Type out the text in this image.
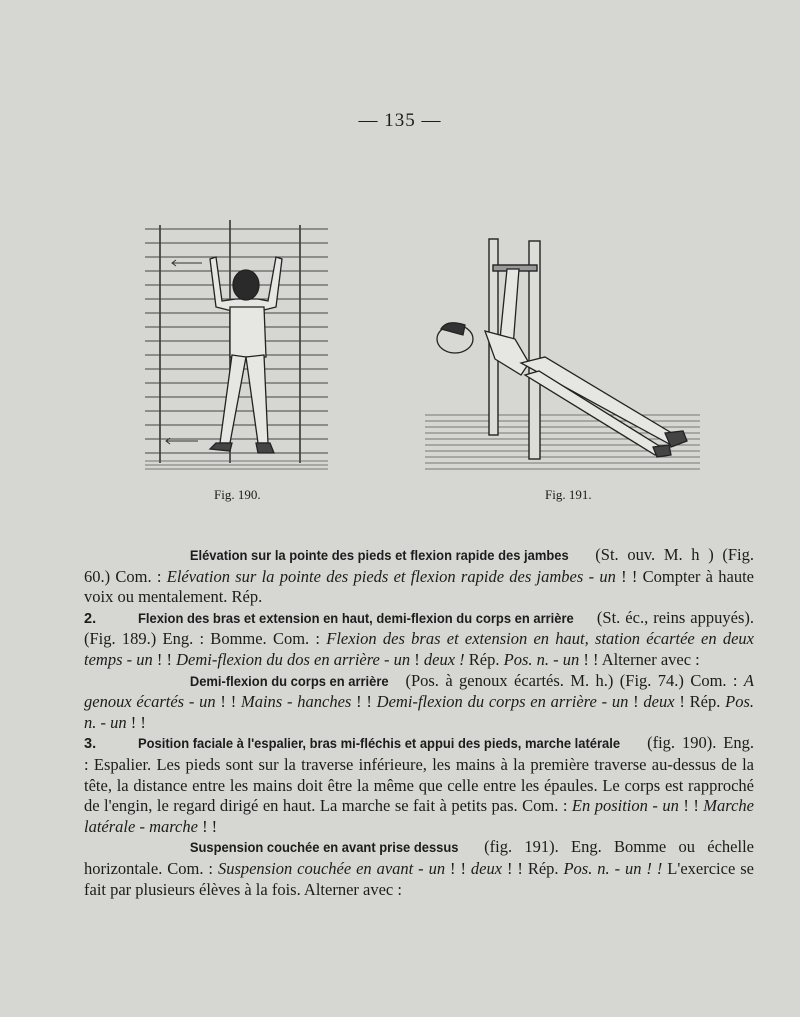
— 135 —
Fig. 190.	Fig. 191.

Elévation sur la pointe des pieds et flexion rapide des jambes (St. ouv. M. h ) (Fig. 60.) Com. : Elévation sur la pointe des pieds et flexion rapide des jambes - un ! ! Compter à haute voix ou mentalement. Rép.

2.	Flexion des bras et extension en haut, demi-flexion du corps en arrière (St. éc., reins appuyés). (Fig. 189.) Eng. : Bomme. Com. : Flexion des bras et extension en haut, station écartée en deux temps - un ! ! Demi-flexion du dos en arrière - un ! deux ! Rép. Pos. n. - un ! ! Alterner avec :

Demi-flexion du corps en arrière (Pos. à genoux écartés. M. h.) (Fig. 74.) Com. : A genoux écartés - un ! ! Mains - hanches ! ! Demi-flexion du corps en arrière - un ! deux ! Rép. Pos. n. - un ! !

3.	Position faciale à l'espalier, bras mi-fléchis et appui des pieds, marche latérale (fig. 190). Eng. : Espalier. Les pieds sont sur la traverse inférieure, les mains à la première traverse au-dessus de la tête, la distance entre les mains doit être la même que celle entre les épaules. Le corps est rapproché de l'engin, le regard dirigé en haut. La marche se fait à petits pas. Com. : En position - un ! ! Marche latérale - marche ! !

Suspension couchée en avant prise dessus (fig. 191). Eng. Bomme ou échelle horizontale. Com. : Suspension couchée en avant - un ! ! deux ! ! Rép. Pos. n. - un ! ! L'exercice se fait par plusieurs élèves à la fois. Alterner avec :
